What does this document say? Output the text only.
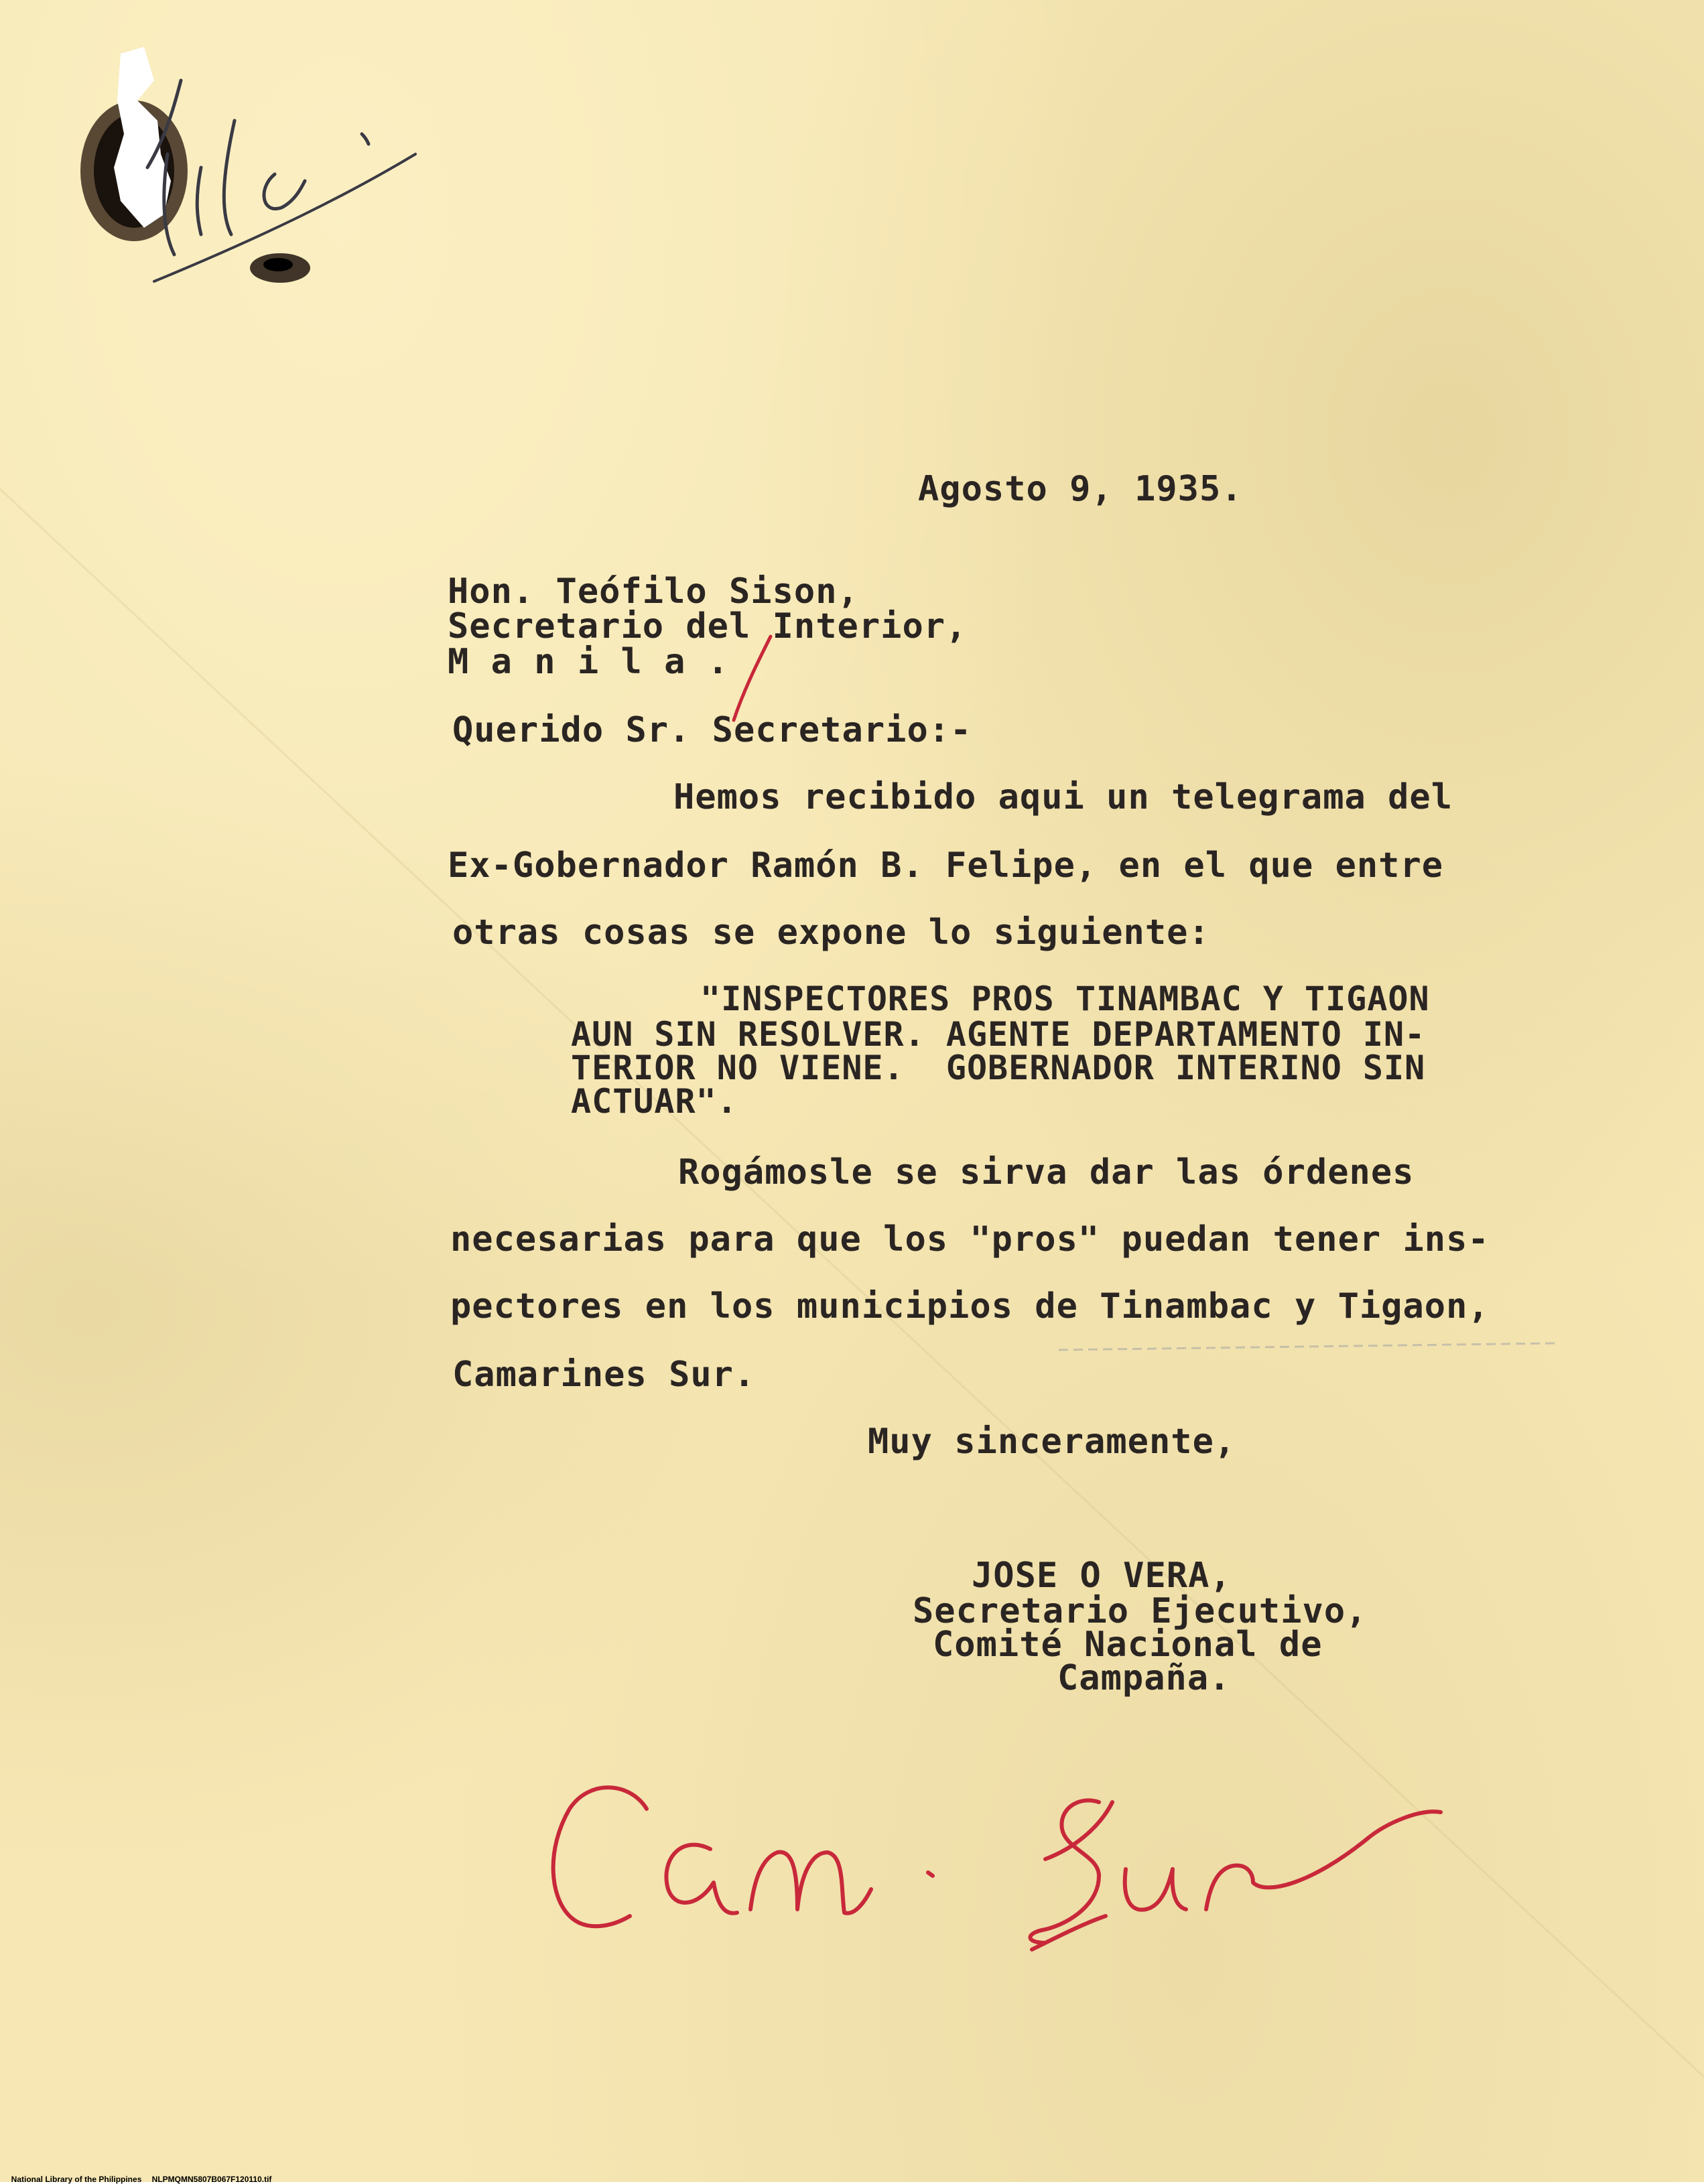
Agosto 9, 1935.

Hon. Teófilo Sison,

Secretario del Interior,

M a n i l a .

Querido Sr. Secretario:-

Hemos recibido aqui un telegrama del

Ex-Gobernador Ramón B. Felipe, en el que entre

otras cosas se expone lo siguiente:

"INSPECTORES PROS TINAMBAC Y TIGAON

AUN SIN RESOLVER. AGENTE DEPARTAMENTO IN-

TERIOR NO VIENE.  GOBERNADOR INTERINO SIN

ACTUAR".

Rogámosle se sirva dar las órdenes

necesarias para que los "pros" puedan tener ins-

pectores en los municipios de Tinambac y Tigaon,

Camarines Sur.

Muy sinceramente,

JOSE O VERA,

Secretario Ejecutivo,

Comité Nacional de

Campaña.

National Library of the Philippines	NLPMQMN5807B067F120110.tif
